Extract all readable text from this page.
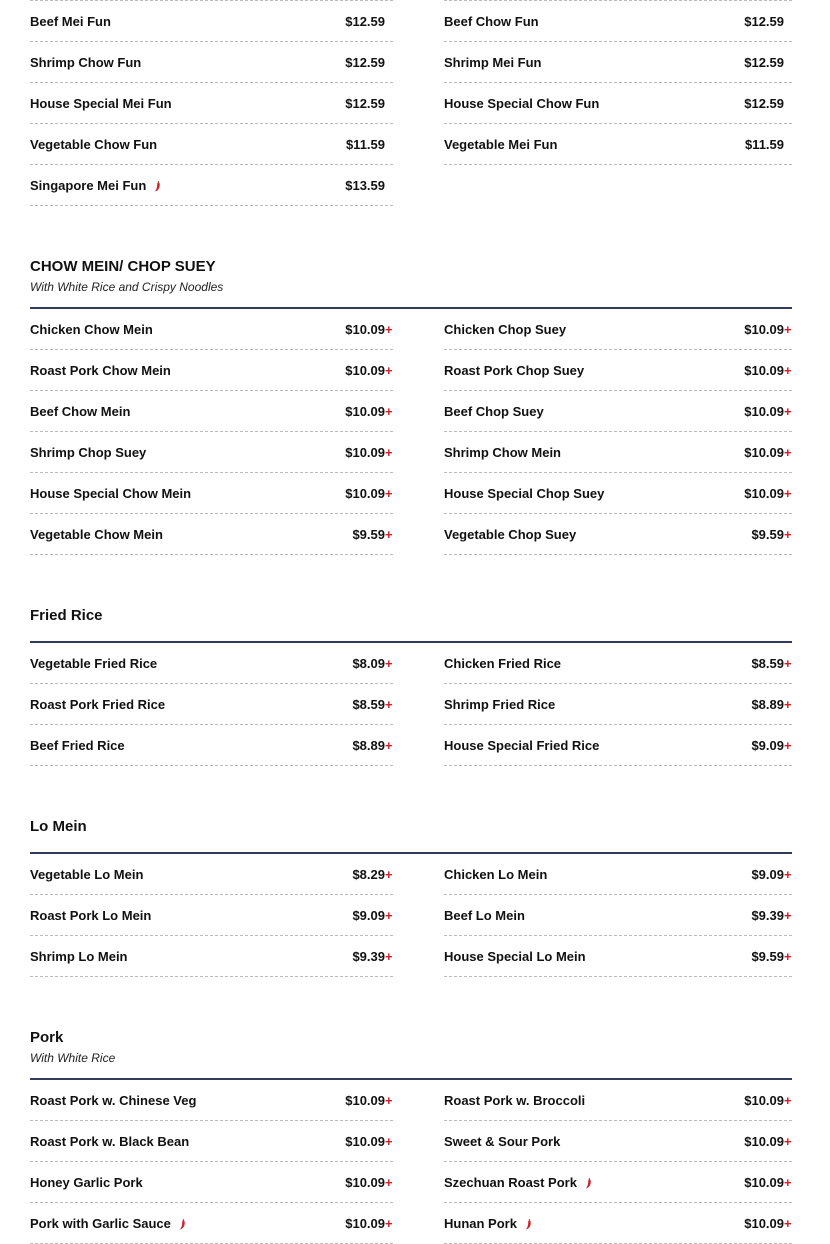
Beef Mei Fun	$12.59
Shrimp Chow Fun	$12.59
House Special Mei Fun	$12.59
Vegetable Chow Fun	$11.59
Singapore Mei Fun	$13.59
Beef Chow Fun	$12.59
Shrimp Mei Fun	$12.59
House Special Chow Fun	$12.59
Vegetable Mei Fun	$11.59
CHOW MEIN/ CHOP SUEY
With White Rice and Crispy Noodles
Chicken Chow Mein	$10.09 +
Roast Pork Chow Mein	$10.09 +
Beef Chow Mein	$10.09 +
Shrimp Chop Suey	$10.09 +
House Special Chow Mein	$10.09 +
Vegetable Chow Mein	$9.59 +
Chicken Chop Suey	$10.09 +
Roast Pork Chop Suey	$10.09 +
Beef Chop Suey	$10.09 +
Shrimp Chow Mein	$10.09 +
House Special Chop Suey	$10.09 +
Vegetable Chop Suey	$9.59 +
Fried Rice
Vegetable Fried Rice	$8.09 +
Roast Pork Fried Rice	$8.59 +
Beef Fried Rice	$8.89 +
Chicken Fried Rice	$8.59 +
Shrimp Fried Rice	$8.89 +
House Special Fried Rice	$9.09 +
Lo Mein
Vegetable Lo Mein	$8.29 +
Roast Pork Lo Mein	$9.09 +
Shrimp Lo Mein	$9.39 +
Chicken Lo Mein	$9.09 +
Beef Lo Mein	$9.39 +
House Special Lo Mein	$9.59 +
Pork
With White Rice
Roast Pork w. Chinese Veg	$10.09 +
Roast Pork w. Black Bean	$10.09 +
Honey Garlic Pork	$10.09 +
Pork with Garlic Sauce	$10.09 +
Roast Pork w. Broccoli	$10.09 +
Sweet & Sour Pork	$10.09 +
Szechuan Roast Pork	$10.09 +
Hunan Pork	$10.09 +
